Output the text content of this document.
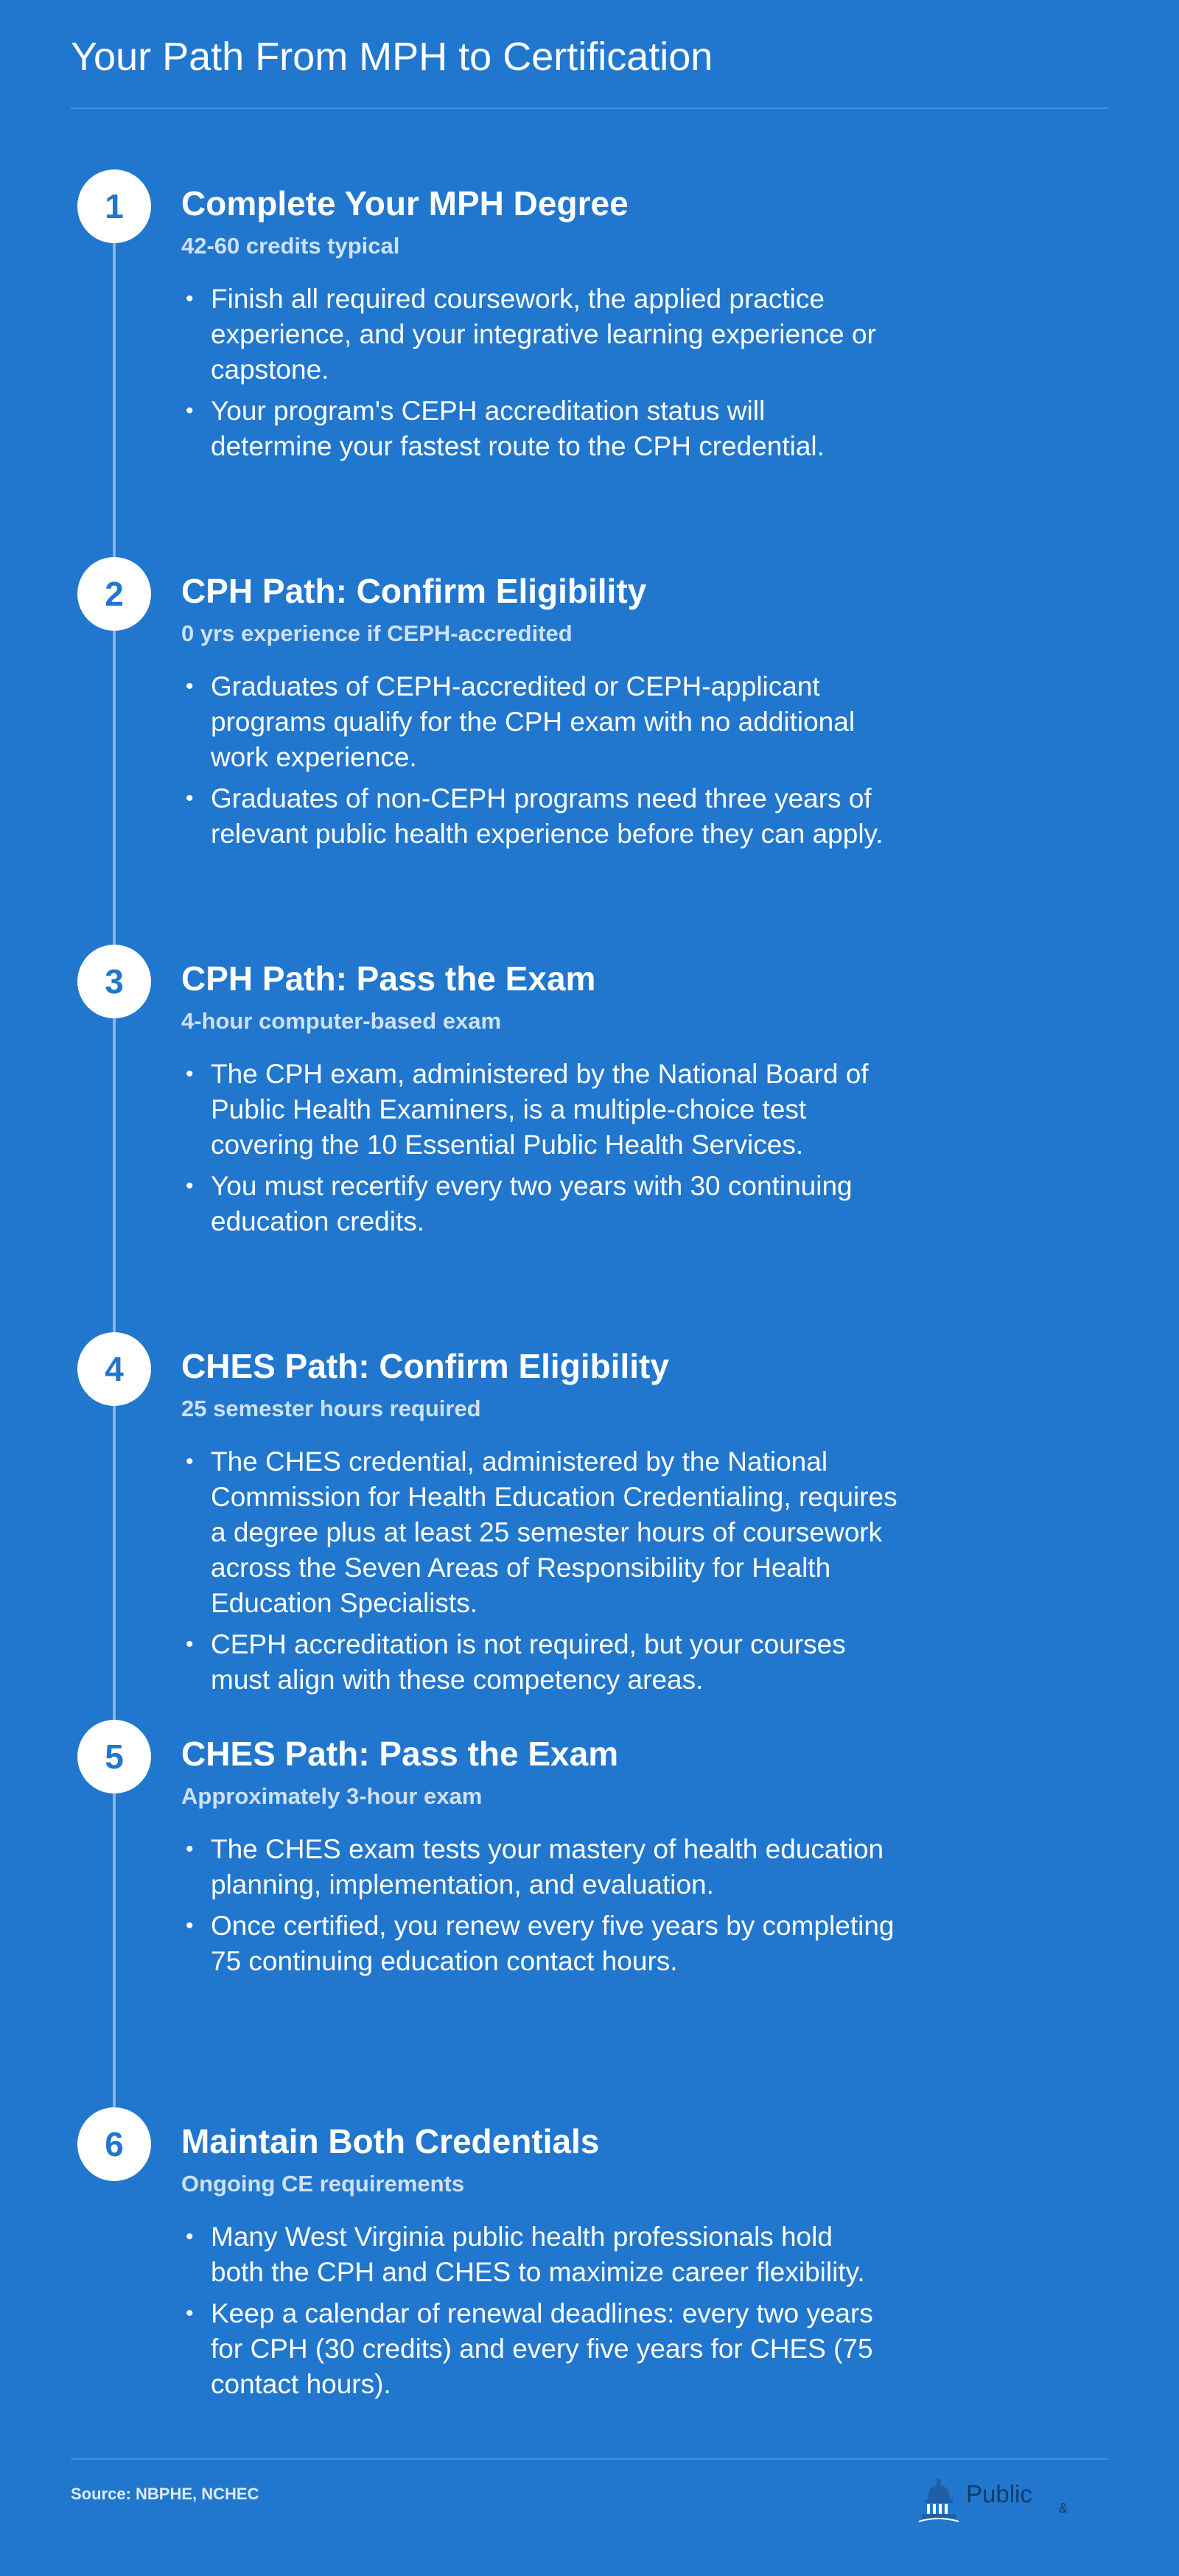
Your Path From MPH to Certification
1	Complete Your MPH Degree

42-60 credits typical

• Finish all required coursework, the applied practice experience, and your integrative learning experience or capstone.
• Your program's CEPH accreditation status will determine your fastest route to the CPH credential.
2	CPH Path: Confirm Eligibility

0 yrs experience if CEPH-accredited

• Graduates of CEPH-accredited or CEPH-applicant programs qualify for the CPH exam with no additional work experience.
• Graduates of non-CEPH programs need three years of relevant public health experience before they can apply.
3	CPH Path: Pass the Exam

4-hour computer-based exam

• The CPH exam, administered by the National Board of Public Health Examiners, is a multiple-choice test covering the 10 Essential Public Health Services.
• You must recertify every two years with 30 continuing education credits.
4	CHES Path: Confirm Eligibility

25 semester hours required

• The CHES credential, administered by the National Commission for Health Education Credentialing, requires a degree plus at least 25 semester hours of coursework across the Seven Areas of Responsibility for Health Education Specialists.
• CEPH accreditation is not required, but your courses must align with these competency areas.
5	CHES Path: Pass the Exam

Approximately 3-hour exam

• The CHES exam tests your mastery of health education planning, implementation, and evaluation.
• Once certified, you renew every five years by completing 75 continuing education contact hours.
6	Maintain Both Credentials

Ongoing CE requirements

• Many West Virginia public health professionals hold both the CPH and CHES to maximize career flexibility.
• Keep a calendar of renewal deadlines: every two years for CPH (30 credits) and every five years for CHES (75 contact hours).
Source: NBPHE, NCHEC	Public
&
